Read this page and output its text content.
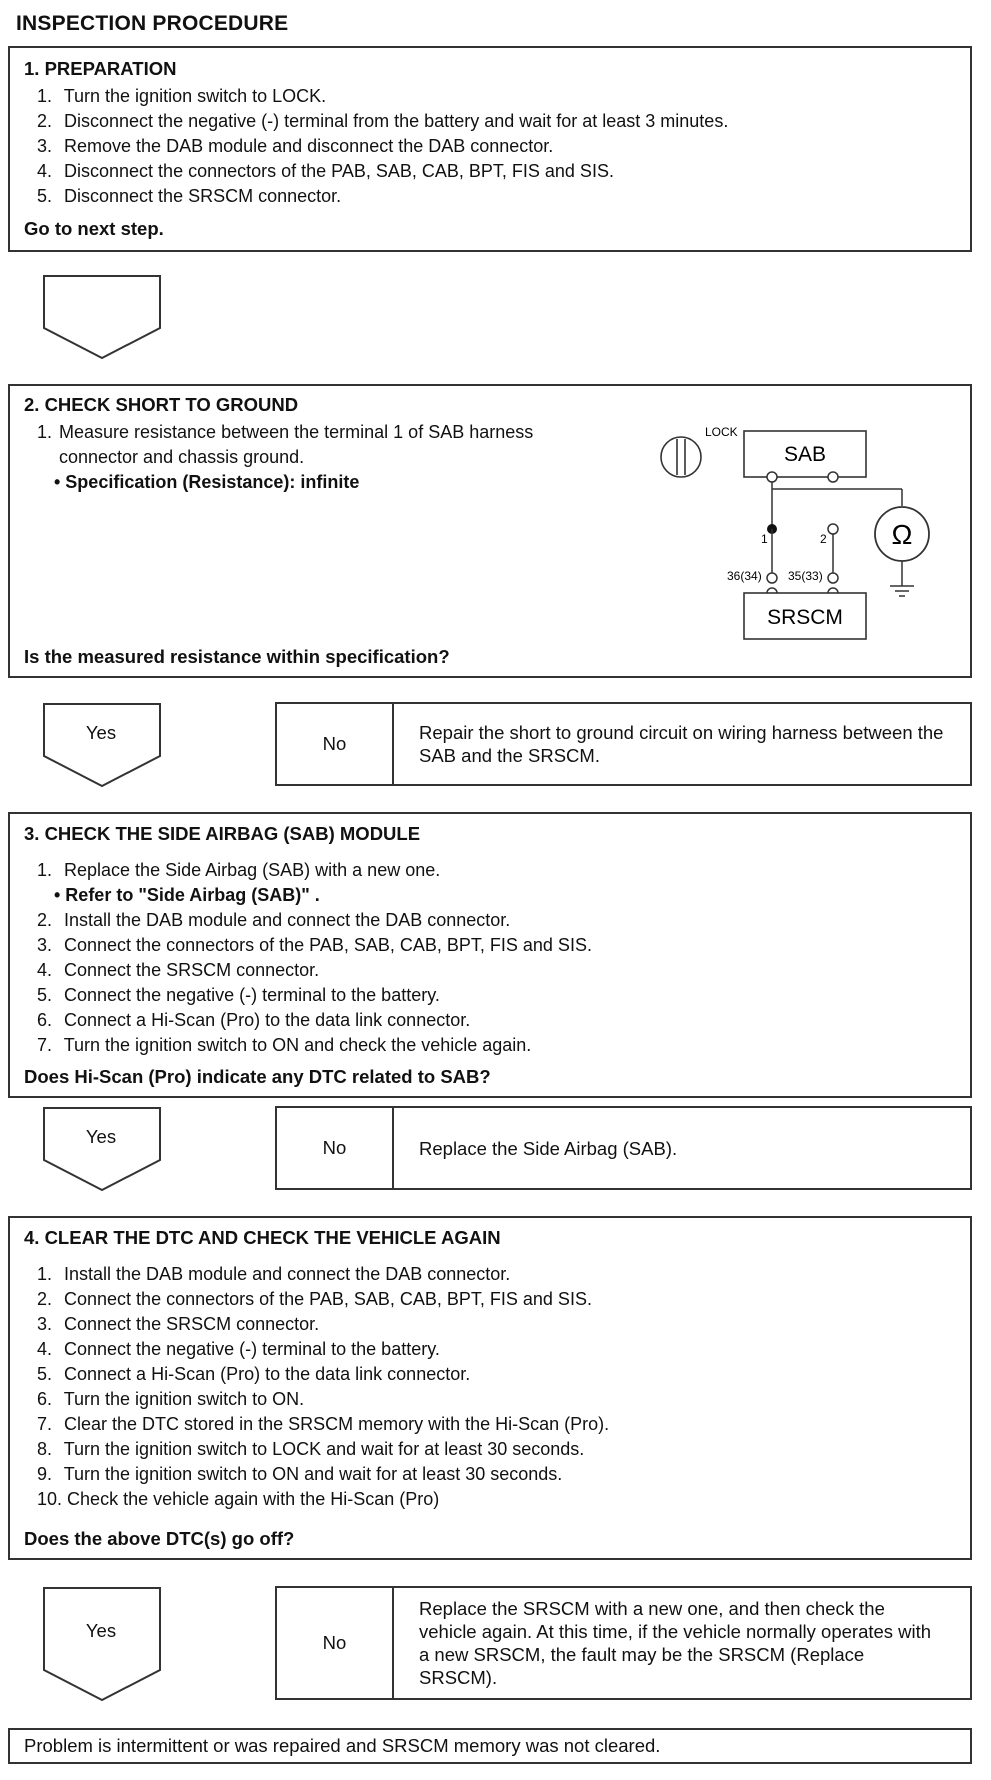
INSPECTION PROCEDURE
1. PREPARATION
1. Turn the ignition switch to LOCK.
2. Disconnect the negative (-) terminal from the battery and wait for at least 3 minutes.
3. Remove the DAB module and disconnect the DAB connector.
4. Disconnect the connectors of the PAB, SAB, CAB, BPT, FIS and SIS.
5. Disconnect the SRSCM connector.
Go to next step.
2. CHECK SHORT TO GROUND
1. Measure resistance between the terminal 1 of SAB harness connector and chassis ground.
• Specification (Resistance): infinite
LOCK
SAB
1	2
36(34) 35(33)
SRSCM
Ω
Is the measured resistance within specification?
Yes
No
Repair the short to ground circuit on wiring harness between the SAB and the SRSCM.
3. CHECK THE SIDE AIRBAG (SAB) MODULE
1. Replace the Side Airbag (SAB) with a new one.
• Refer to "Side Airbag (SAB)" .
2. Install the DAB module and connect the DAB connector.
3. Connect the connectors of the PAB, SAB, CAB, BPT, FIS and SIS.
4. Connect the SRSCM connector.
5. Connect the negative (-) terminal to the battery.
6. Connect a Hi-Scan (Pro) to the data link connector.
7. Turn the ignition switch to ON and check the vehicle again.
Does Hi-Scan (Pro) indicate any DTC related to SAB?
Yes
No	Replace the Side Airbag (SAB).
4. CLEAR THE DTC AND CHECK THE VEHICLE AGAIN
1. Install the DAB module and connect the DAB connector.
2. Connect the connectors of the PAB, SAB, CAB, BPT, FIS and SIS.
3. Connect the SRSCM connector.
4. Connect the negative (-) terminal to the battery.
5. Connect a Hi-Scan (Pro) to the data link connector.
6. Turn the ignition switch to ON.
7. Clear the DTC stored in the SRSCM memory with the Hi-Scan (Pro).
8. Turn the ignition switch to LOCK and wait for at least 30 seconds.
9. Turn the ignition switch to ON and wait for at least 30 seconds.
10. Check the vehicle again with the Hi-Scan (Pro)
Does the above DTC(s) go off?
Yes
No
Replace the SRSCM with a new one, and then check the vehicle again. At this time, if the vehicle normally operates with a new SRSCM, the fault may be the SRSCM (Replace SRSCM).
Problem is intermittent or was repaired and SRSCM memory was not cleared.
